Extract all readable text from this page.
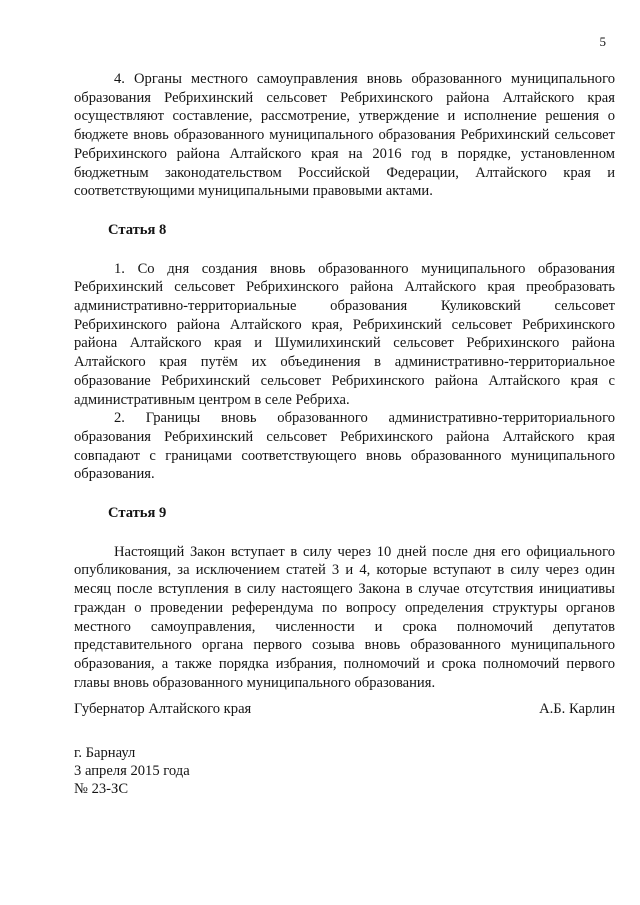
5

4. Органы местного самоуправления вновь образованного муниципального образования Ребрихинский сельсовет Ребрихинского района Алтайского края осуществляют составление, рассмотрение, утверждение и исполнение решения о бюджете вновь образованного муниципального образования Ребрихинский сельсовет Ребрихинского района Алтайского края на 2016 год в порядке, установленном бюджетным законодательством Российской Федерации, Алтайского края и соответствующими муниципальными правовыми актами.

Статья 8

1. Со дня создания вновь образованного муниципального образования Ребрихинский сельсовет Ребрихинского района Алтайского края преобразовать административно-территориальные образования Куликовский сельсовет Ребрихинского района Алтайского края, Ребрихинский сельсовет Ребрихинского района Алтайского края и Шумилихинский сельсовет Ребрихинского района Алтайского края путём их объединения в административно-территориальное образование Ребрихинский сельсовет Ребрихинского района Алтайского края с административным центром в селе Ребриха.

2. Границы вновь образованного административно-территориального образования Ребрихинский сельсовет Ребрихинского района Алтайского края совпадают с границами соответствующего вновь образованного муниципального образования.

Статья 9

Настоящий Закон вступает в силу через 10 дней после дня его официального опубликования, за исключением статей 3 и 4, которые вступают в силу через один месяц после вступления в силу настоящего Закона в случае отсутствия инициативы граждан о проведении референдума по вопросу определения структуры органов местного самоуправления, численности и срока полномочий депутатов представительного органа первого созыва вновь образованного муниципального образования, а также порядка избрания, полномочий и срока полномочий первого главы вновь образованного муниципального образования.

Губернатор Алтайского края	А.Б. Карлин
г. Барнаул
3 апреля 2015 года
№ 23-ЗС
